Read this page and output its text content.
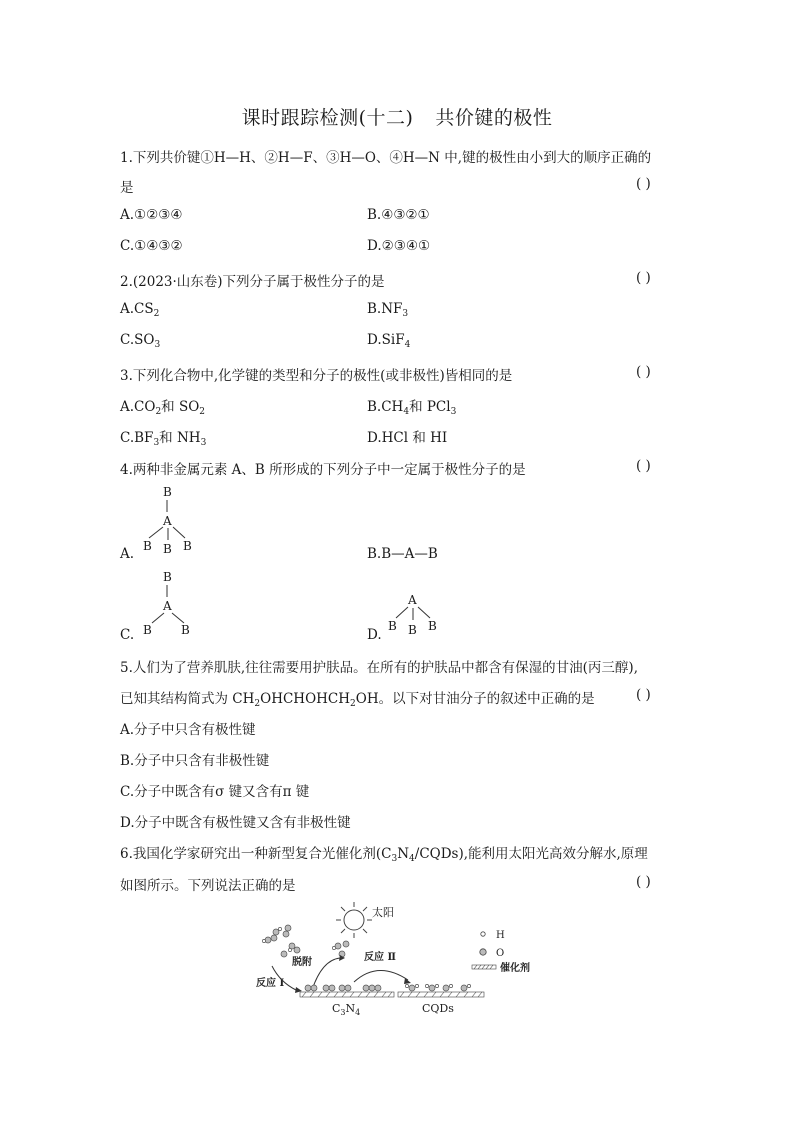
课时跟踪检测(十二) 共价键的极性
1.下列共价键①H—H、②H—F、③H—O、④H—N 中,键的极性由小到大的顺序正确的
是	( )
A.①②③④	B.④③②①
C.①④③②	D.②③④①
2.(2023·山东卷)下列分子属于极性分子的是	( )
$A.CS_2$	$B.NF_3$
$C.SO_3$	D.SiF$_4$
3.下列化合物中,化学键的类型和分子的极性(或非极性)皆相同的是	( )
$A.CO_2$和 $SO_2$	$B.CH_4$和 PCl$_3$
$C.BF_3$和 $NH_3$	D.HCl 和 HI
4.两种非金属元素 A、B 所形成的下列分子中一定属于极性分子的是	( )
A.
B
A
B B B	B.B—A—B
C.
B
A
B B	D.
A
B B B
5.人们为了营养肌肤,往往需要用护肤品。在所有的护肤品中都含有保湿的甘油(丙三醇),
已知其结构简式为 $CH_2OHCHOHCH_2OH$。以下对甘油分子的叙述中正确的是	( )
A.分子中只含有极性键
B.分子中只含有非极性键
C.分子中既含有σ 键又含有π 键
D.分子中既含有极性键又含有非极性键
6.我国化学家研究出一种新型复合光催化剂$(C_3N_4/CQDs)$,能利用太阳光高效分解水,原理
如图所示。下列说法正确的是	( )
太阳
H
O
催化剂
脱附
反应 Ⅰ
反应 Ⅱ
$C_3N_4$	CQDs
